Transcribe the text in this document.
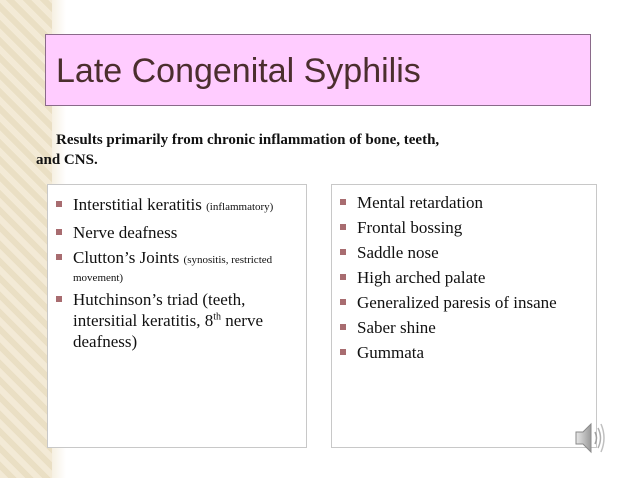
Late Congenital Syphilis
Results primarily from chronic inflammation of bone, teeth,
and CNS.
Interstitial keratitis (inflammatory)
Nerve deafness
Clutton’s Joints (synositis, restricted
movement)
Hutchinson’s triad (teeth,
intersitial keratitis, 8th nerve
deafness)
Mental retardation
Frontal bossing
Saddle nose
High arched palate
Generalized paresis of insane
Saber shine
Gummata
